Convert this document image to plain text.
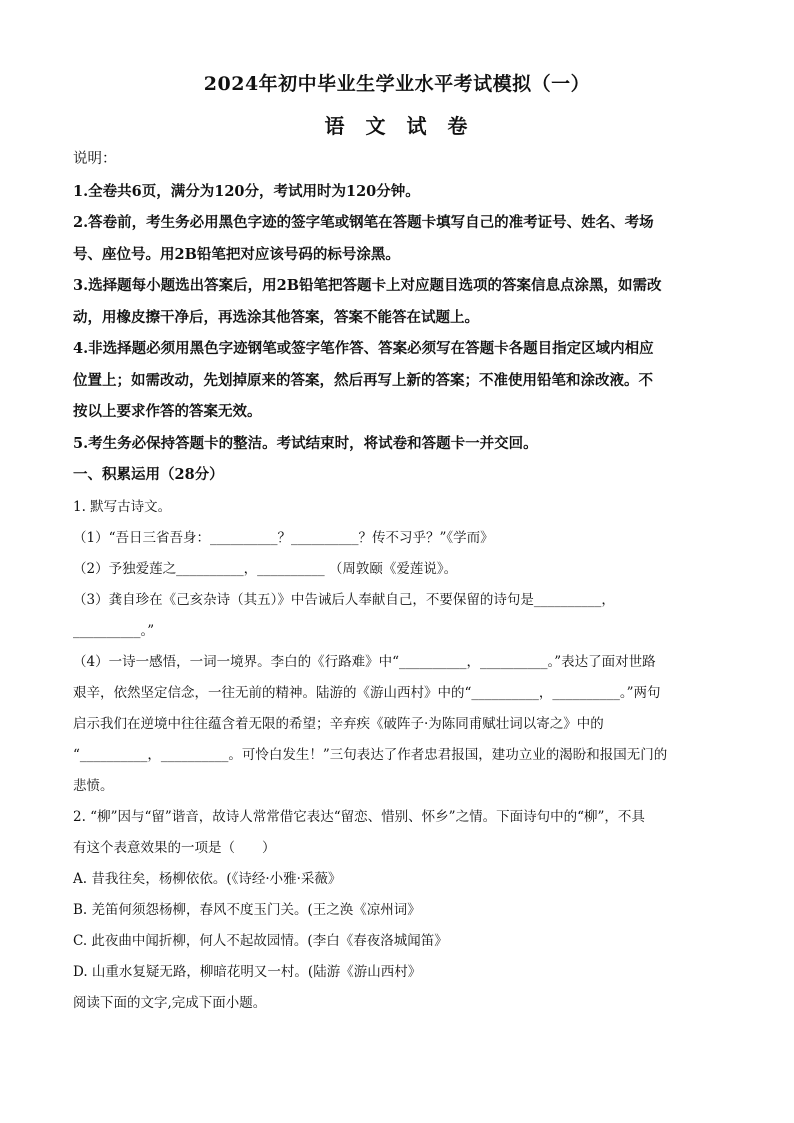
2024年初中毕业生学业水平考试模拟（一）
语 文 试 卷
说明：
1.全卷共6页，满分为120分，考试用时为120分钟。
2.答卷前，考生务必用黑色字迹的签字笔或钢笔在答题卡填写自己的准考证号、姓名、考场
号、座位号。用2B铅笔把对应该号码的标号涂黑。
3.选择题每小题选出答案后，用2B铅笔把答题卡上对应题目选项的答案信息点涂黑，如需改
动，用橡皮擦干净后，再选涂其他答案，答案不能答在试题上。
4.非选择题必须用黑色字迹钢笔或签字笔作答、答案必须写在答题卡各题目指定区域内相应
位置上；如需改动，先划掉原来的答案，然后再写上新的答案；不准使用铅笔和涂改液。不
按以上要求作答的答案无效。
5.考生务必保持答题卡的整洁。考试结束时，将试卷和答题卡一并交回。
一、积累运用（28分）
1. 默写古诗文。
（1）“吾日三省吾身：__________？__________？传不习乎？”《学而》
（2）予独爱莲之__________，__________ （周敦颐《爱莲说》。
（3）龚自珍在《己亥杂诗（其五）》中告诫后人奉献自己，不要保留的诗句是__________，
__________。”
（4）一诗一感悟，一词一境界。李白的《行路难》中“__________，__________。”表达了面对世路
艰辛，依然坚定信念，一往无前的精神。陆游的《游山西村》中的“__________，__________。”两句
启示我们在逆境中往往蕴含着无限的希望；辛弃疾《破阵子·为陈同甫赋壮词以寄之》中的
“__________，__________。可怜白发生！”三句表达了作者忠君报国，建功立业的渴盼和报国无门的
悲愤。
2. “柳”因与“留”谐音，故诗人常常借它表达“留恋、惜别、怀乡”之情。下面诗句中的“柳”，不具
有这个表意效果的一项是（　　）
A. 昔我往矣，杨柳依依。(《诗经·小雅·采薇》
B. 羌笛何须怨杨柳，春风不度玉门关。(王之涣《凉州词》
C. 此夜曲中闻折柳，何人不起故园情。(李白《春夜洛城闻笛》
D. 山重水复疑无路，柳暗花明又一村。(陆游《游山西村》
阅读下面的文字,完成下面小题。
